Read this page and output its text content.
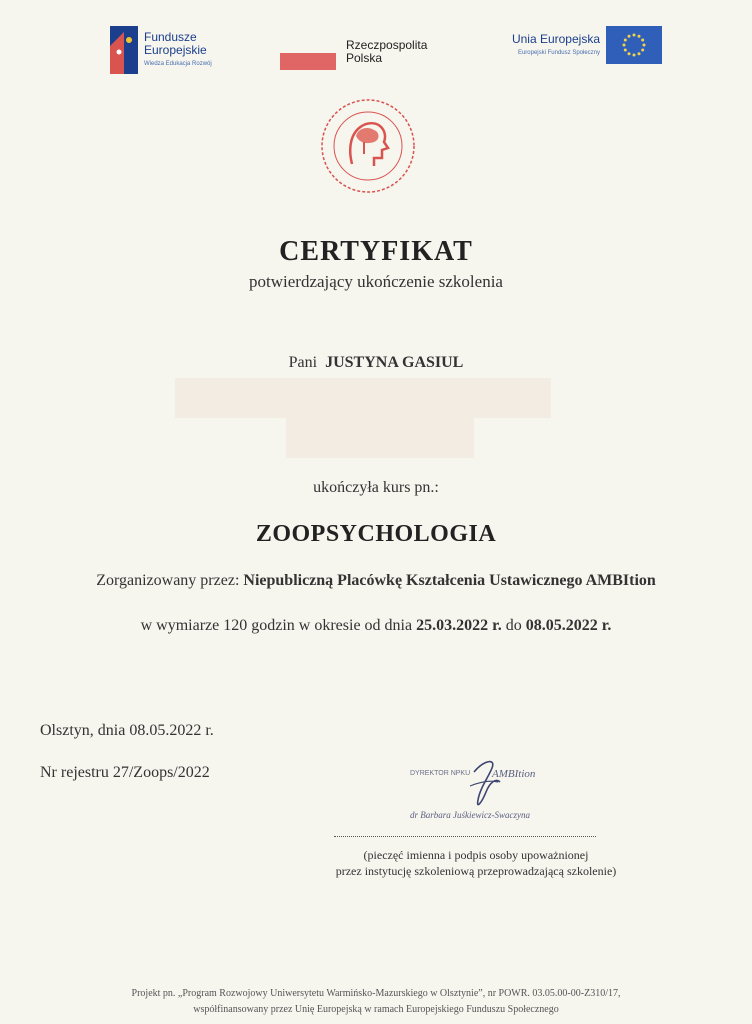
Fundusze
Europejskie
Wiedza Edukacja Rozwój
Rzeczpospolita
Polska
Unia Europejska
Europejski Fundusz Społeczny
CERTYFIKAT
potwierdzający ukończenie szkolenia
Pani JUSTYNA GASIUL
ukończyła kurs pn.:
ZOOPSYCHOLOGIA
Zorganizowany przez: Niepubliczną Placówkę Kształcenia Ustawicznego AMBItion
w wymiarze 120 godzin w okresie od dnia 25.03.2022 r. do 08.05.2022 r.
Olsztyn, dnia 08.05.2022 r.
Nr rejestru 27/Zoops/2022	DYREKTOR NPKU AMBItion
dr Barbara Juśkiewicz-Swaczyna
(pieczęć imienna i podpis osoby upoważnionej
przez instytucję szkoleniową przeprowadzającą szkolenie)
Projekt pn. „Program Rozwojowy Uniwersytetu Warmińsko-Mazurskiego w Olsztynie”, nr POWR. 03.05.00-00-Z310/17,
współfinansowany przez Unię Europejską w ramach Europejskiego Funduszu Społecznego
